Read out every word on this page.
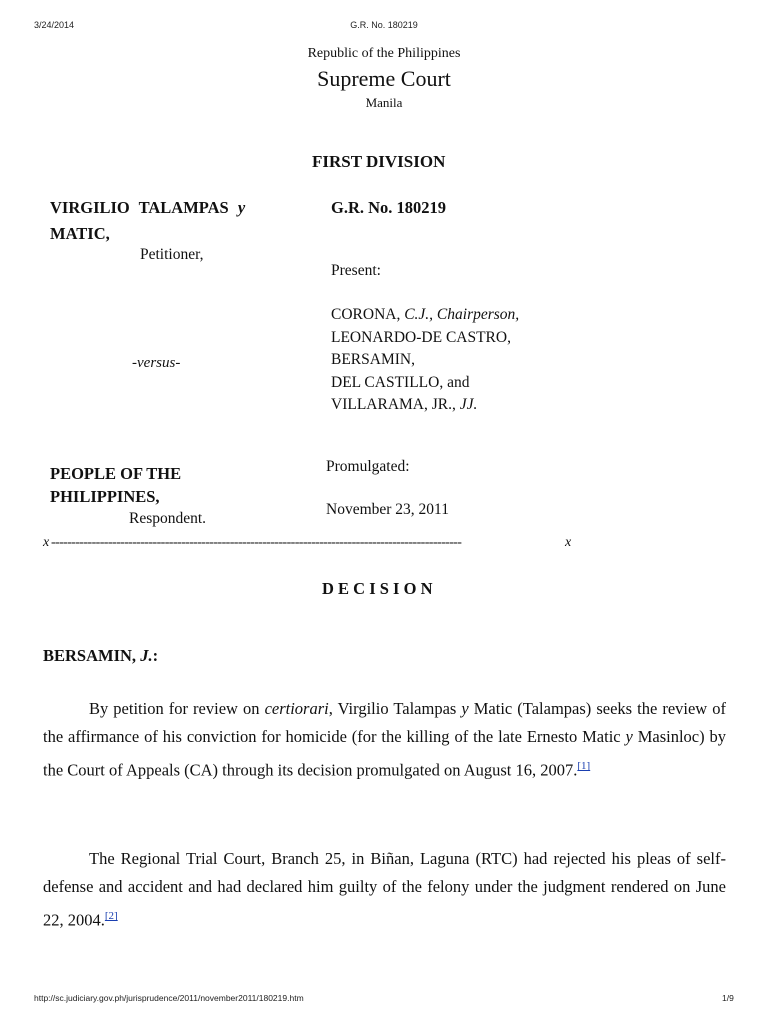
3/24/2014	G.R. No. 180219
Republic of the Philippines
Supreme Court
Manila
FIRST DIVISION
VIRGILIO TALAMPAS y
MATIC,
Petitioner,
-versus-
PEOPLE OF THE
PHILIPPINES,
Respondent.
G.R. No. 180219
Present:
CORONA, C.J., Chairperson,
LEONARDO-DE CASTRO,
BERSAMIN,
DEL CASTILLO, and
VILLARAMA, JR., JJ.
Promulgated:
November 23, 2011
x -----------------------------------------------------------------------------------------------------	x
D E C I S I O N
BERSAMIN, J.:
By petition for review on certiorari, Virgilio Talampas y Matic (Talampas) seeks the review of the affirmance of his conviction for homicide (for the killing of the late Ernesto Matic y Masinloc) by the Court of Appeals (CA) through its decision promulgated on August 16, 2007.[1]
The Regional Trial Court, Branch 25, in Biñan, Laguna (RTC) had rejected his pleas of self-defense and accident and had declared him guilty of the felony under the judgment rendered on June 22, 2004.[2]
http://sc.judiciary.gov.ph/jurisprudence/2011/november2011/180219.htm	1/9
